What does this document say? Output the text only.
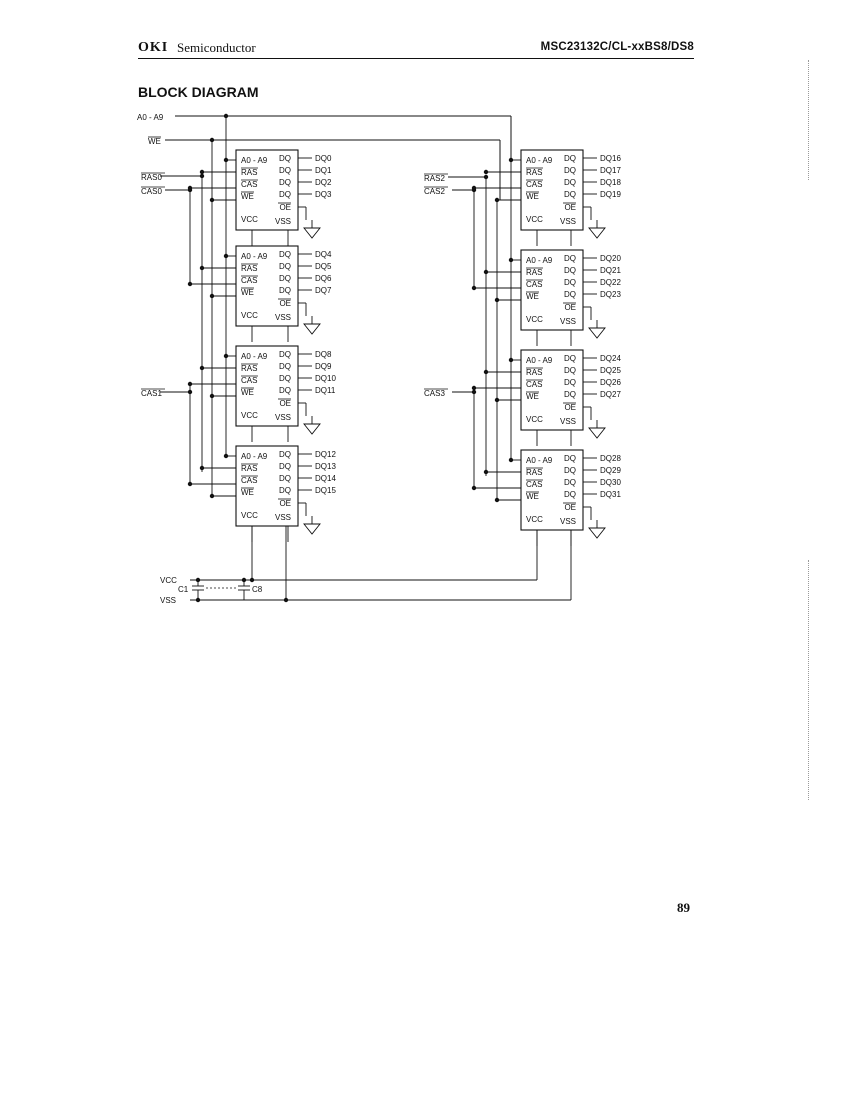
OKI Semiconductor	MSC23132C/CL-xxBS8/DS8
BLOCK DIAGRAM
A0 - A9
RAS
CAS
WE
VCC
DQ
DQ
DQ
DQ
OE
VSS
A0 - A9
RAS
CAS
WE
VCC
DQ
DQ
DQ
DQ
OE
VSS
A0 - A9
RAS
CAS
WE
VCC
DQ
DQ
DQ
DQ
OE
VSS
A0 - A9
RAS
CAS
WE
VCC
DQ
DQ
DQ
DQ
OE
VSS
A0 - A9
RAS
CAS
WE
VCC
DQ
DQ
DQ
DQ
OE
VSS
A0 - A9
RAS
CAS
WE
VCC
DQ
DQ
DQ
DQ
OE
VSS
A0 - A9
RAS
CAS
WE
VCC
DQ
DQ
DQ
DQ
OE
VSS
A0 - A9
RAS
CAS
WE
VCC
DQ
DQ
DQ
DQ
OE
VSS
DQ0
DQ1
DQ2
DQ3
DQ4
DQ5
DQ6
DQ7
DQ8
DQ9
DQ10
DQ11
DQ12
DQ13
DQ14
DQ15
DQ16
DQ17
DQ18
DQ19
DQ20
DQ21
DQ22
DQ23
DQ24
DQ25
DQ26
DQ27
DQ28
DQ29
DQ30
DQ31
A0 - A9
WE
RAS0
CAS0
CAS1
RAS2
CAS2
CAS3
VCC
C1	C8
VSS
89
